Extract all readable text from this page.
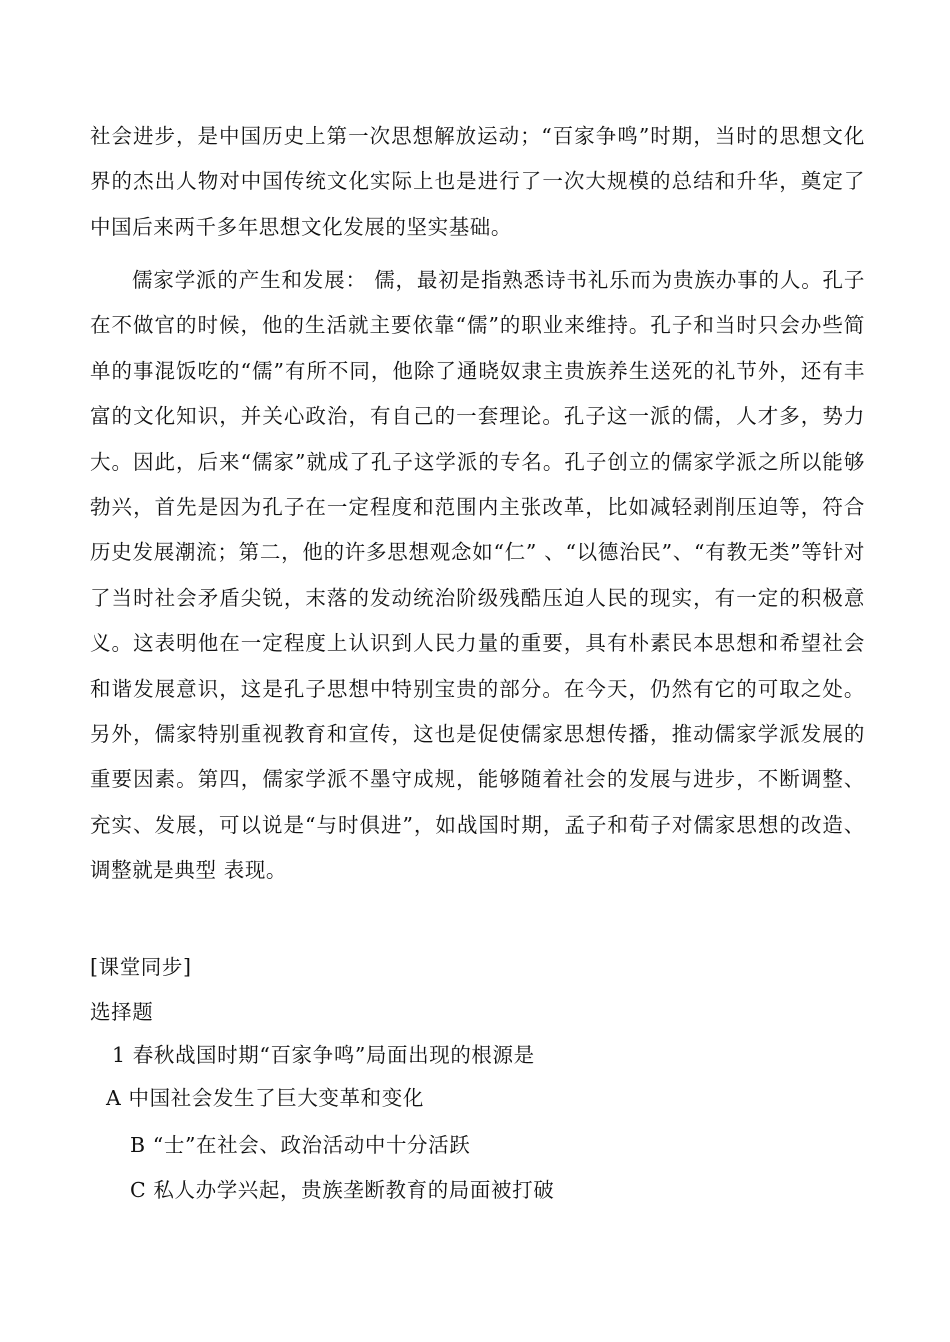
社会进步，是中国历史上第一次思想解放运动；“百家争鸣”时期，当时的思想文化界的杰出人物对中国传统文化实际上也是进行了一次大规模的总结和升华，奠定了中国后来两千多年思想文化发展的坚实基础。

儒家学派的产生和发展： 儒，最初是指熟悉诗书礼乐而为贵族办事的人。孔子在不做官的时候，他的生活就主要依靠“儒”的职业来维持。孔子和当时只会办些简单的事混饭吃的“儒”有所不同，他除了通晓奴隶主贵族养生送死的礼节外，还有丰富的文化知识，并关心政治，有自己的一套理论。孔子这一派的儒，人才多，势力大。因此，后来“儒家”就成了孔子这学派的专名。孔子创立的儒家学派之所以能够勃兴，首先是因为孔子在一定程度和范围内主张改革，比如减轻剥削压迫等，符合历史发展潮流；第二，他的许多思想观念如“仁” 、“以德治民”、“有教无类”等针对了当时社会矛盾尖锐，末落的发动统治阶级残酷压迫人民的现实，有一定的积极意义。这表明他在一定程度上认识到人民力量的重要，具有朴素民本思想和希望社会和谐发展意识，这是孔子思想中特别宝贵的部分。在今天，仍然有它的可取之处。另外，儒家特别重视教育和宣传，这也是促使儒家思想传播，推动儒家学派发展的重要因素。第四，儒家学派不墨守成规，能够随着社会的发展与进步，不断调整、充实、发展，可以说是“与时俱进”，如战国时期，孟子和荀子对儒家思想的改造、调整就是典型 表现。

[课堂同步]
选择题
1 春秋战国时期“百家争鸣”局面出现的根源是
A 中国社会发生了巨大变革和变化
B “士”在社会、政治活动中十分活跃
C 私人办学兴起，贵族垄断教育的局面被打破
